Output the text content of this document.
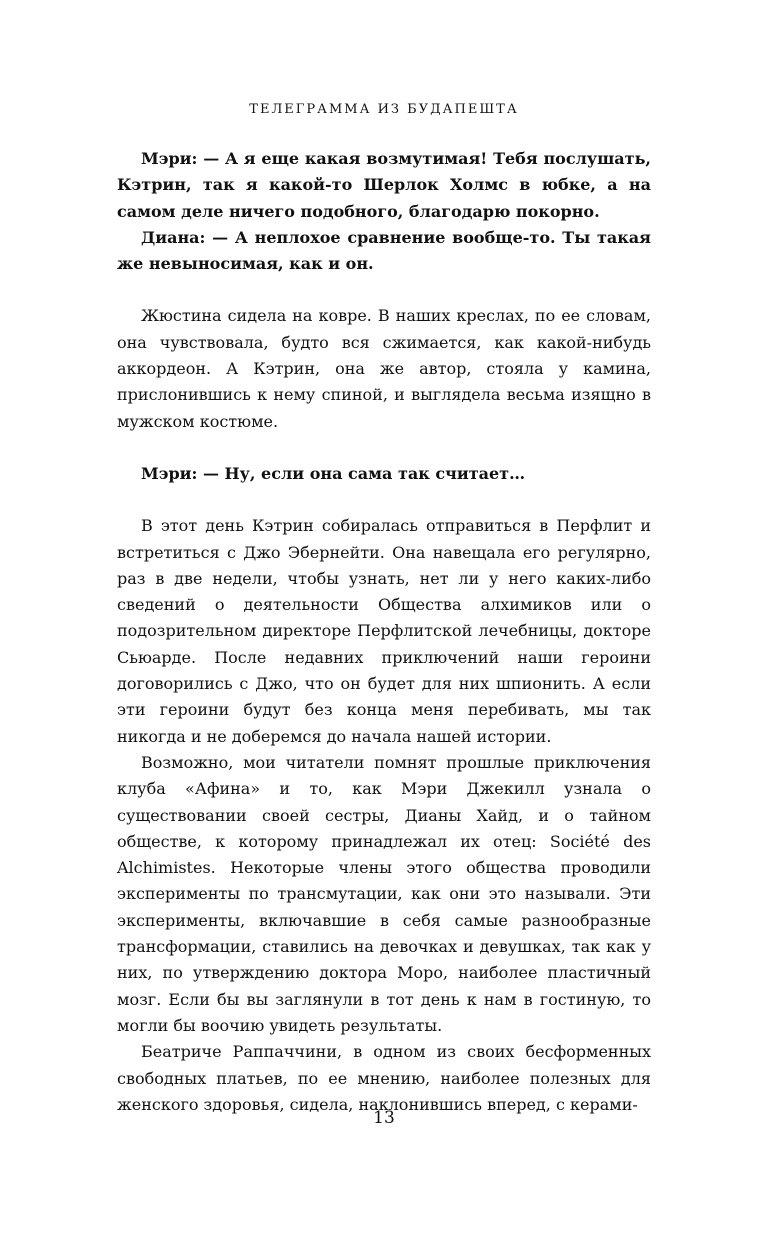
ТЕЛЕГРАММА ИЗ БУДАПЕШТА

Мэри: — А я еще какая возмутимая! Тебя послушать, Кэтрин, так я какой-то Шерлок Холмс в юбке, а на самом деле ничего подобного, благодарю покорно.

Диана: — А неплохое сравнение вообще-то. Ты такая же невыносимая, как и он.

Жюстина сидела на ковре. В наших креслах, по ее словам, она чувствовала, будто вся сжимается, как какой-нибудь аккордеон. А Кэтрин, она же автор, стояла у камина, прислонившись к нему спиной, и выглядела весьма изящно в мужском костюме.

Мэри: — Ну, если она сама так считает…

В этот день Кэтрин собиралась отправиться в Перфлит и встретиться с Джо Эбернейти. Она навещала его регулярно, раз в две недели, чтобы узнать, нет ли у него каких-либо сведений о деятельности Общества алхимиков или о подозрительном директоре Перфлитской лечебницы, докторе Сьюарде. После недавних приключений наши героини договорились с Джо, что он будет для них шпионить. А если эти героини будут без конца меня перебивать, мы так никогда и не доберемся до начала нашей истории.

Возможно, мои читатели помнят прошлые приключения клуба «Афина» и то, как Мэри Джекилл узнала о существовании своей сестры, Дианы Хайд, и о тайном обществе, к которому принадлежал их отец: Société des Alchimistes. Некоторые члены этого общества проводили эксперименты по трансмутации, как они это называли. Эти эксперименты, включавшие в себя самые разнообразные трансформации, ставились на девочках и девушках, так как у них, по утверждению доктора Моро, наиболее пластичный мозг. Если бы вы заглянули в тот день к нам в гостиную, то могли бы воочию увидеть результаты.

Беатриче Раппаччини, в одном из своих бесформенных свободных платьев, по ее мнению, наиболее полезных для женского здоровья, сидела, наклонившись вперед, с керами-

13
